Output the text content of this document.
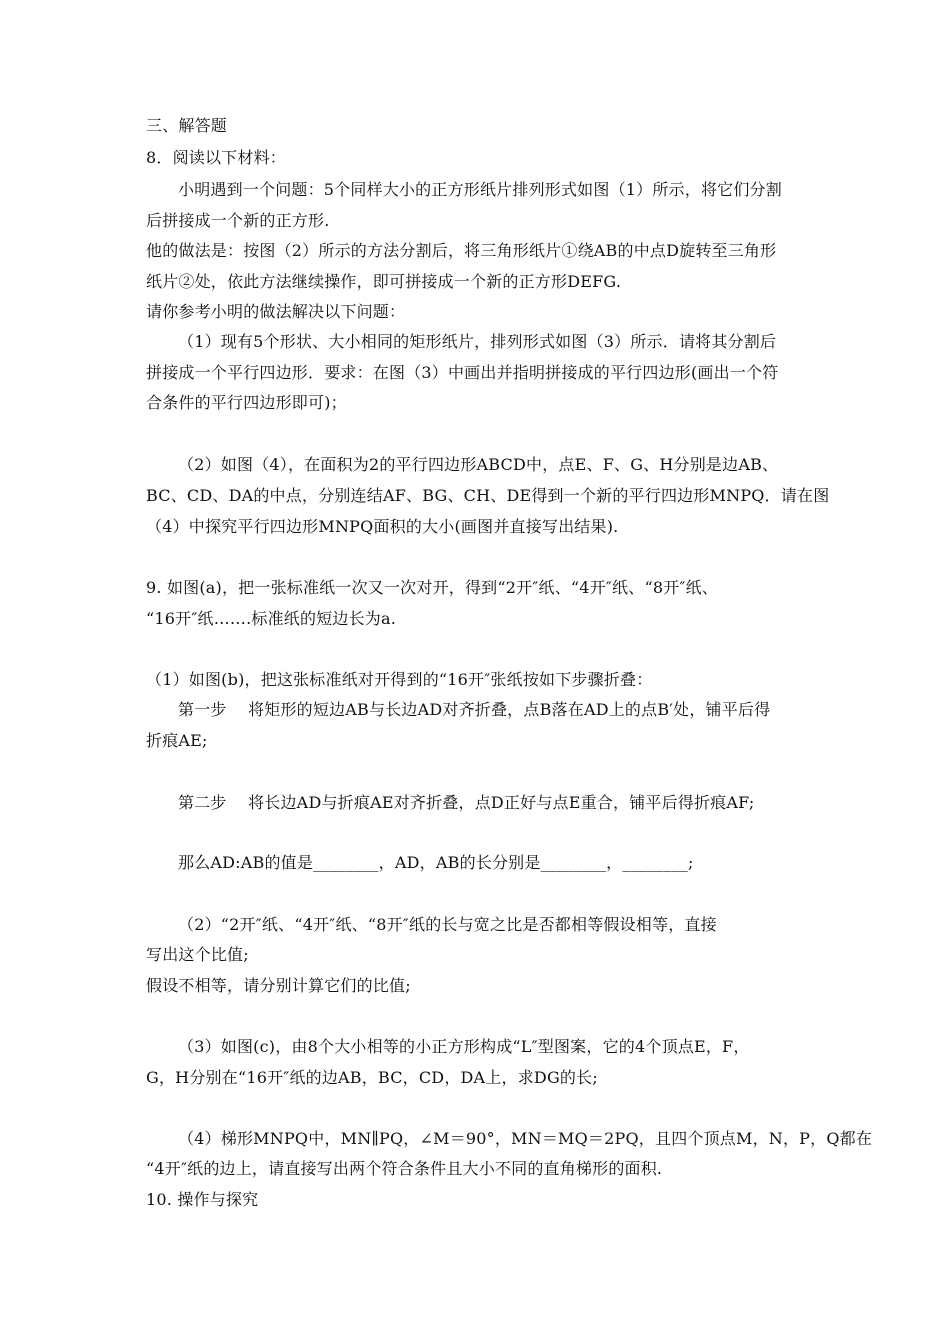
三、解答题
8．阅读以下材料：
小明遇到一个问题：5个同样大小的正方形纸片排列形式如图（1）所示，将它们分割
后拼接成一个新的正方形.
他的做法是：按图（2）所示的方法分割后，将三角形纸片①绕AB的中点D旋转至三角形
纸片②处，依此方法继续操作，即可拼接成一个新的正方形DEFG.
请你参考小明的做法解决以下问题：
（1）现有5个形状、大小相同的矩形纸片，排列形式如图（3）所示．请将其分割后
拼接成一个平行四边形．要求：在图（3）中画出并指明拼接成的平行四边形(画出一个符
合条件的平行四边形即可)；
（2）如图（4），在面积为2的平行四边形ABCD中，点E、F、G、H分别是边AB、
BC、CD、DA的中点，分别连结AF、BG、CH、DE得到一个新的平行四边形MNPQ．请在图
（4）中探究平行四边形MNPQ面积的大小(画图并直接写出结果).
9. 如图(a)，把一张标准纸一次又一次对开，得到“2开″纸、“4开″纸、“8开″纸、
“16开″纸…….标准纸的短边长为a.
（1）如图(b)，把这张标准纸对开得到的“16开″张纸按如下步骤折叠：
第一步　 将矩形的短边AB与长边AD对齐折叠，点B落在AD上的点B′处，铺平后得
折痕AE;
第二步　 将长边AD与折痕AE对齐折叠，点D正好与点E重合，铺平后得折痕AF;
那么AD:AB的值是________，AD，AB的长分别是________，________;
（2）“2开″纸、“4开″纸、“8开″纸的长与宽之比是否都相等假设相等，直接
写出这个比值;
假设不相等，请分别计算它们的比值;
（3）如图(c)，由8个大小相等的小正方形构成“L″型图案，它的4个顶点E，F，
G，H分别在“16开″纸的边AB，BC，CD，DA上，求DG的长;
（4）梯形MNPQ中，MN∥PQ，∠M＝90°，MN＝MQ＝2PQ，且四个顶点M，N，P，Q都在
“4开″纸的边上，请直接写出两个符合条件且大小不同的直角梯形的面积.
10. 操作与探究
